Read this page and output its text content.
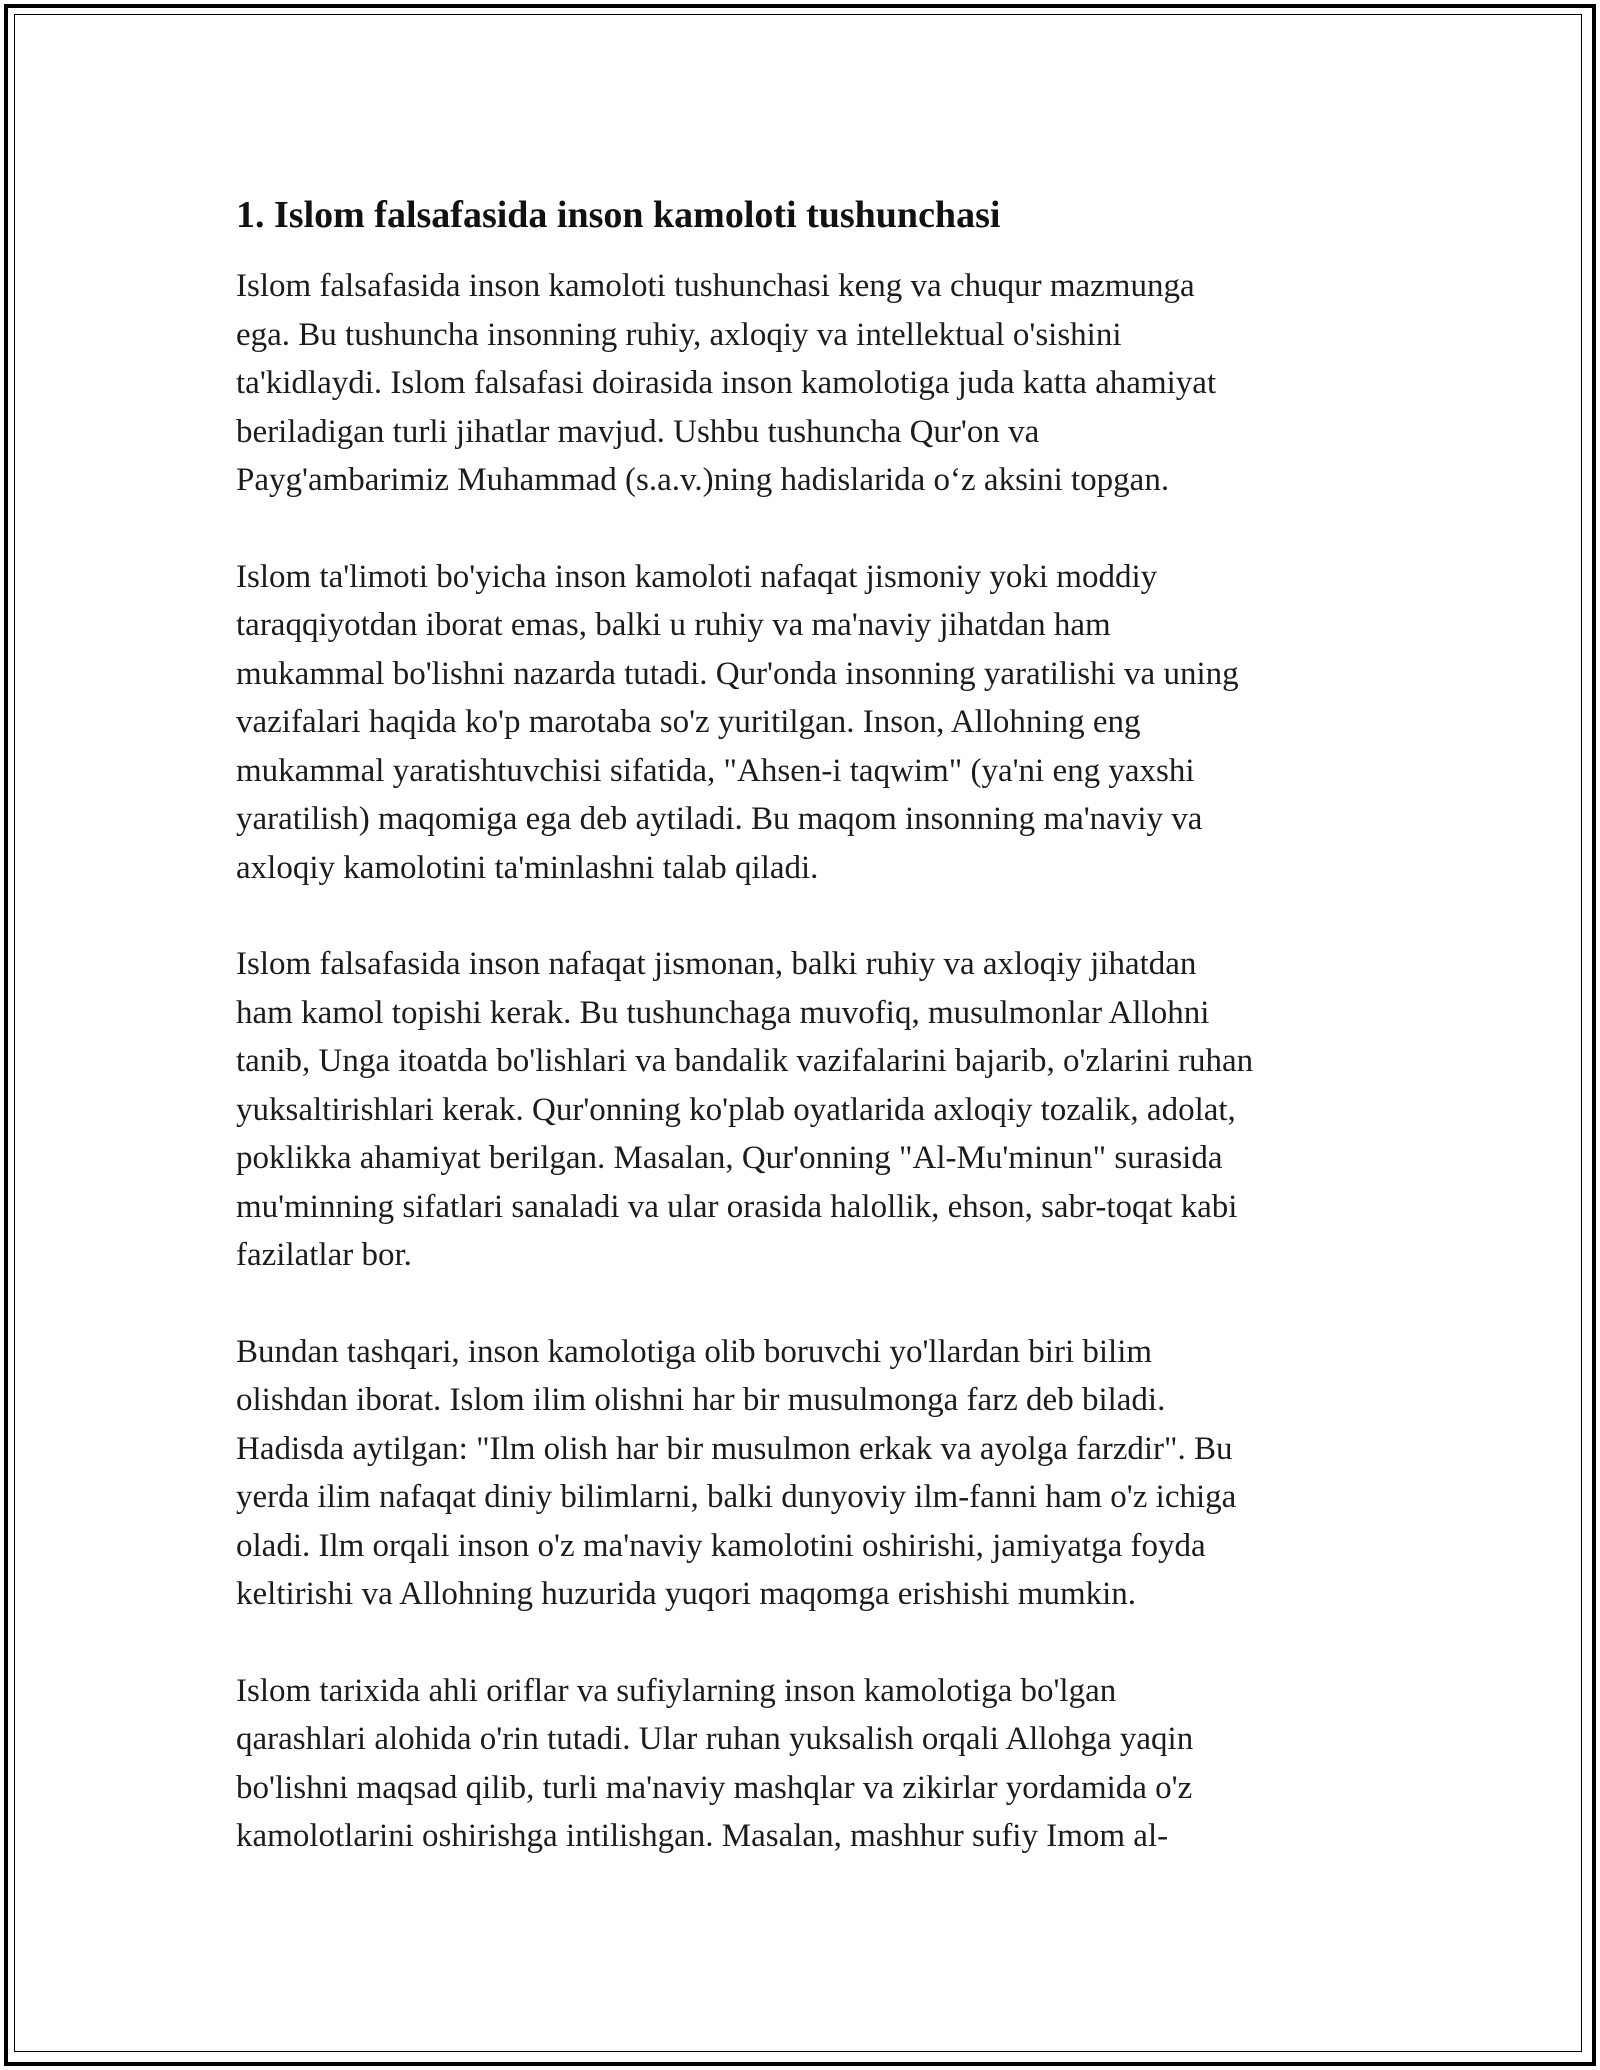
1. Islom falsafasida inson kamoloti tushunchasi
Islom falsafasida inson kamoloti tushunchasi keng va chuqur mazmunga
ega. Bu tushuncha insonning ruhiy, axloqiy va intellektual o'sishini
ta'kidlaydi. Islom falsafasi doirasida inson kamolotiga juda katta ahamiyat
beriladigan turli jihatlar mavjud. Ushbu tushuncha Qur'on va
Payg'ambarimiz Muhammad (s.a.v.)ning hadislarida o‘z aksini topgan.
Islom ta'limoti bo'yicha inson kamoloti nafaqat jismoniy yoki moddiy
taraqqiyotdan iborat emas, balki u ruhiy va ma'naviy jihatdan ham
mukammal bo'lishni nazarda tutadi. Qur'onda insonning yaratilishi va uning
vazifalari haqida ko'p marotaba so'z yuritilgan. Inson, Allohning eng
mukammal yaratishtuvchisi sifatida, "Ahsen-i taqwim" (ya'ni eng yaxshi
yaratilish) maqomiga ega deb aytiladi. Bu maqom insonning ma'naviy va
axloqiy kamolotini ta'minlashni talab qiladi.
Islom falsafasida inson nafaqat jismonan, balki ruhiy va axloqiy jihatdan
ham kamol topishi kerak. Bu tushunchaga muvofiq, musulmonlar Allohni
tanib, Unga itoatda bo'lishlari va bandalik vazifalarini bajarib, o'zlarini ruhan
yuksaltirishlari kerak. Qur'onning ko'plab oyatlarida axloqiy tozalik, adolat,
poklikka ahamiyat berilgan. Masalan, Qur'onning "Al-Mu'minun" surasida
mu'minning sifatlari sanaladi va ular orasida halollik, ehson, sabr-toqat kabi
fazilatlar bor.
Bundan tashqari, inson kamolotiga olib boruvchi yo'llardan biri bilim
olishdan iborat. Islom ilim olishni har bir musulmonga farz deb biladi.
Hadisda aytilgan: "Ilm olish har bir musulmon erkak va ayolga farzdir". Bu
yerda ilim nafaqat diniy bilimlarni, balki dunyoviy ilm-fanni ham o'z ichiga
oladi. Ilm orqali inson o'z ma'naviy kamolotini oshirishi, jamiyatga foyda
keltirishi va Allohning huzurida yuqori maqomga erishishi mumkin.
Islom tarixida ahli oriflar va sufiylarning inson kamolotiga bo'lgan
qarashlari alohida o'rin tutadi. Ular ruhan yuksalish orqali Allohga yaqin
bo'lishni maqsad qilib, turli ma'naviy mashqlar va zikirlar yordamida o'z
kamolotlarini oshirishga intilishgan. Masalan, mashhur sufiy Imom al-
